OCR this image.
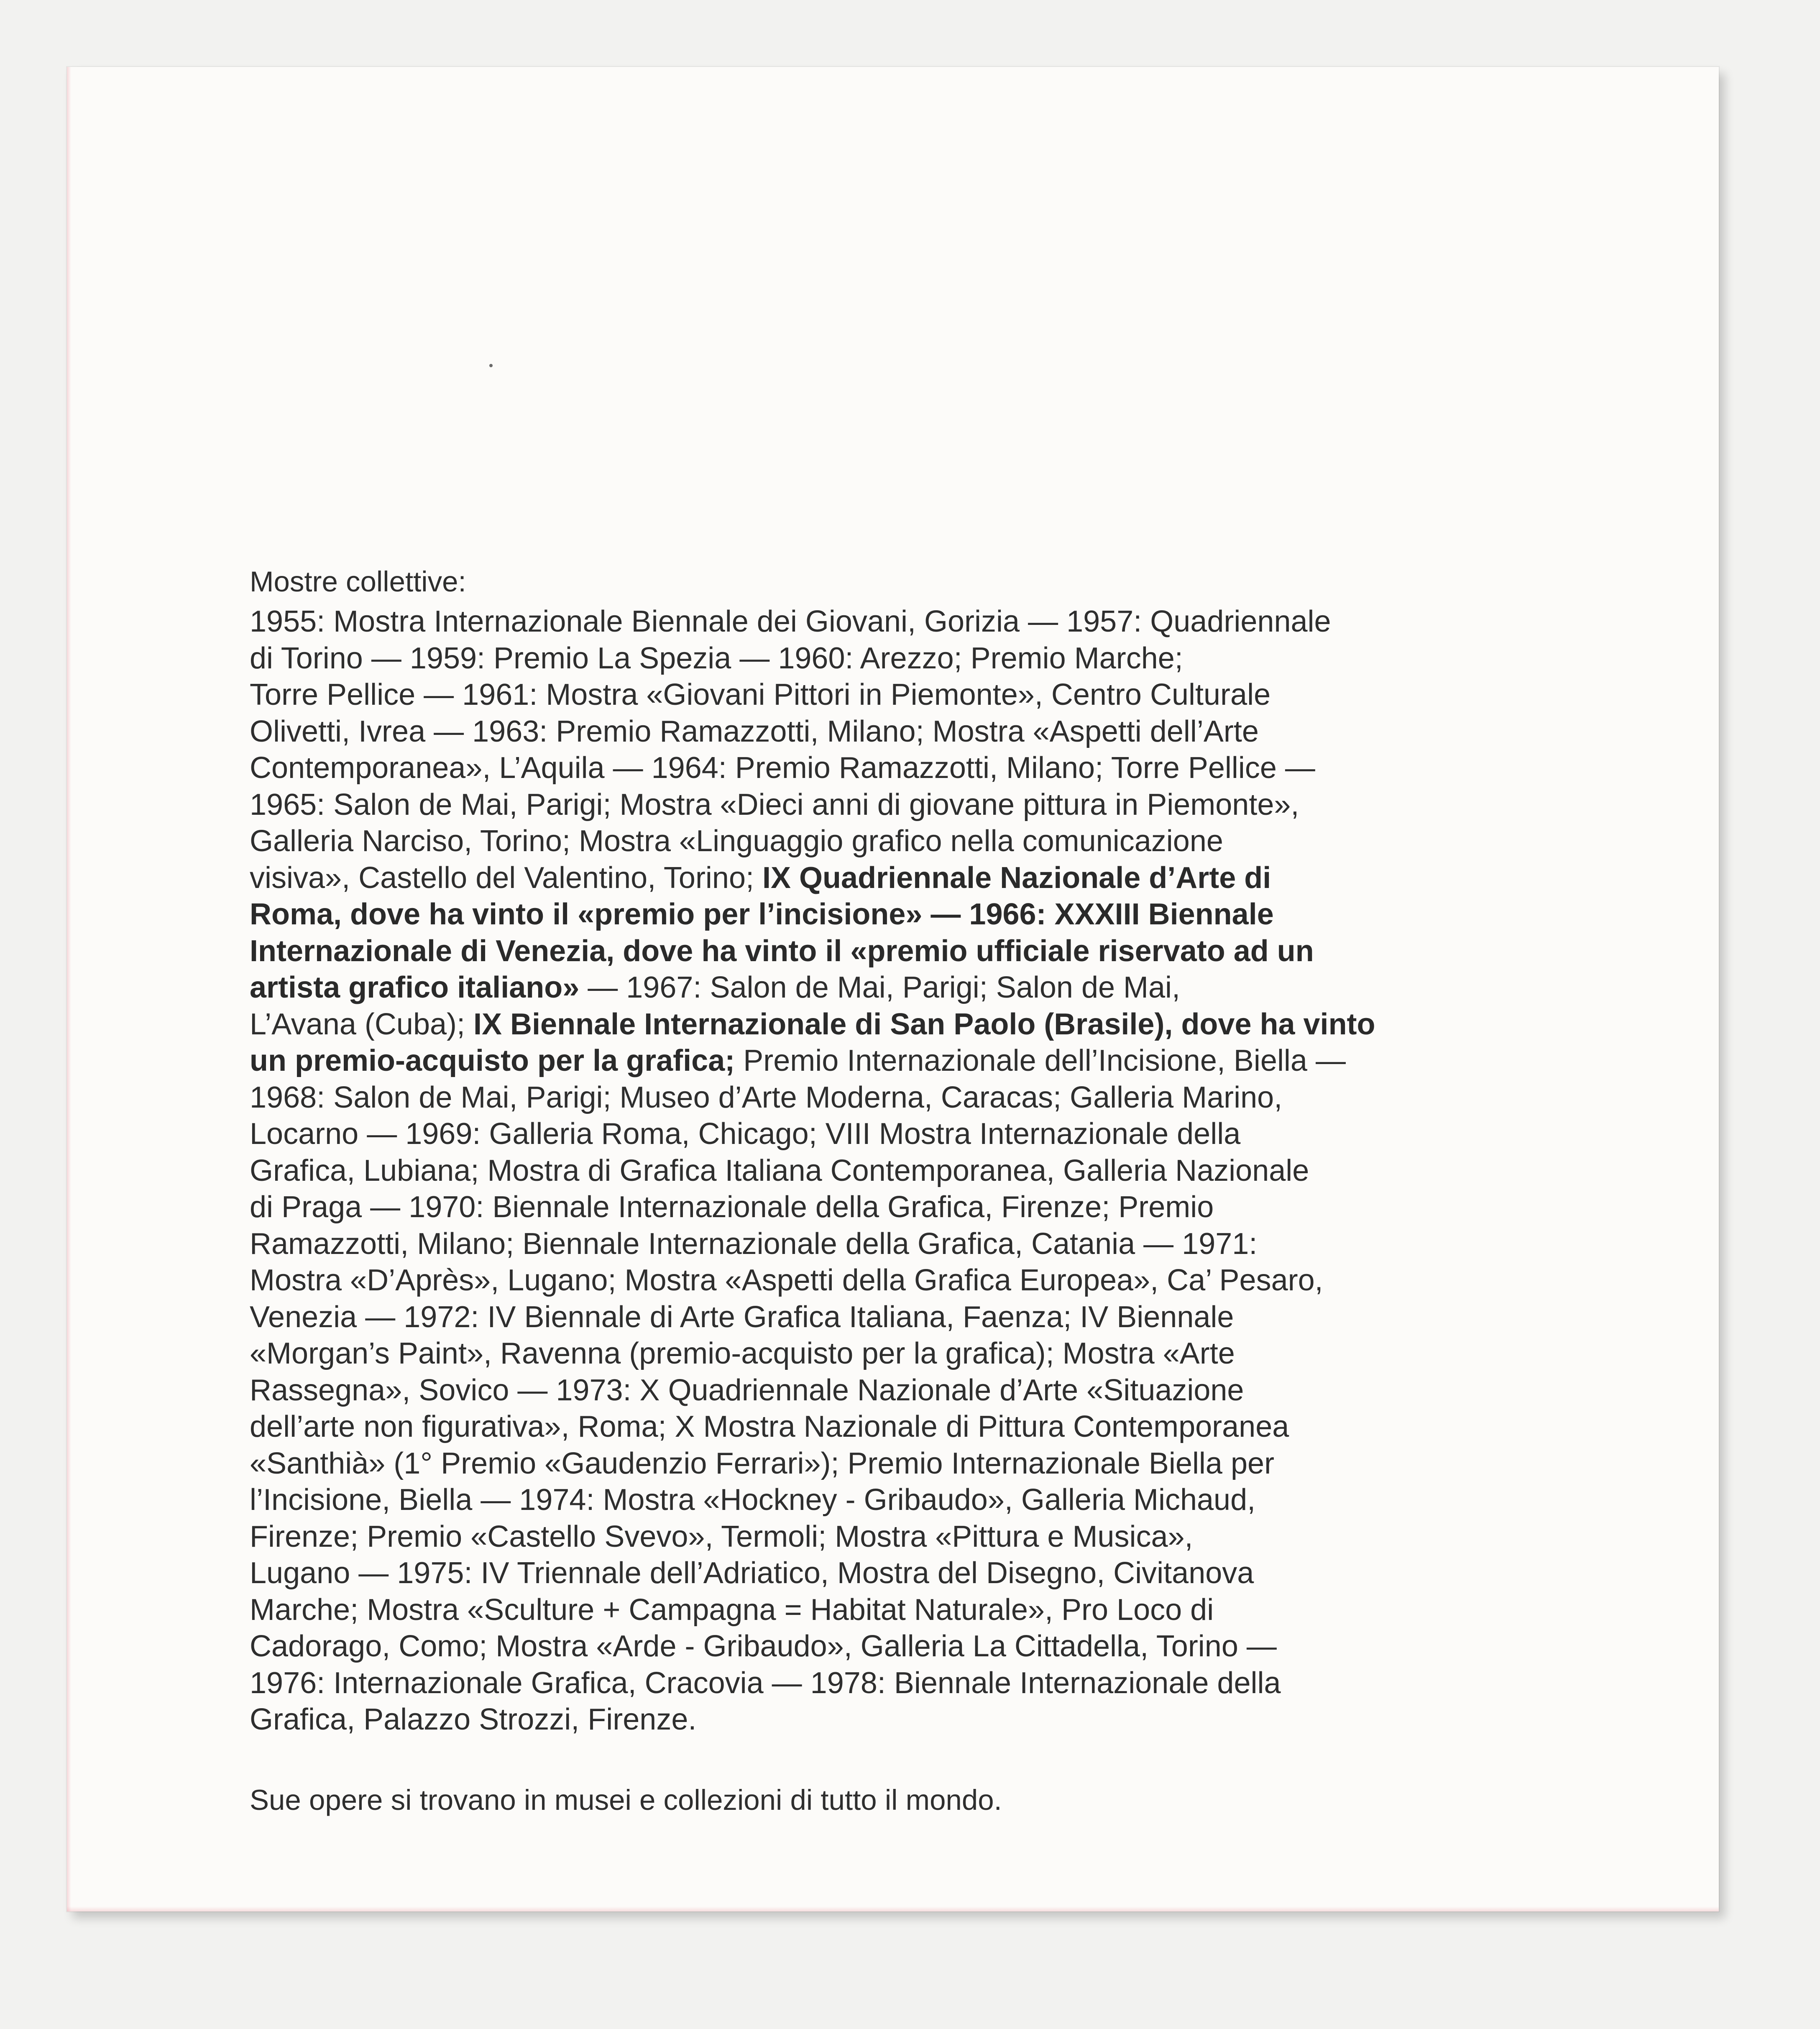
Mostre collettive:
1955: Mostra Internazionale Biennale dei Giovani, Gorizia — 1957: Quadriennale
di Torino — 1959: Premio La Spezia — 1960: Arezzo; Premio Marche;
Torre Pellice — 1961: Mostra «Giovani Pittori in Piemonte», Centro Culturale
Olivetti, Ivrea — 1963: Premio Ramazzotti, Milano; Mostra «Aspetti dell’Arte
Contemporanea», L’Aquila — 1964: Premio Ramazzotti, Milano; Torre Pellice —
1965: Salon de Mai, Parigi; Mostra «Dieci anni di giovane pittura in Piemonte»,
Galleria Narciso, Torino; Mostra «Linguaggio grafico nella comunicazione
visiva», Castello del Valentino, Torino; IX Quadriennale Nazionale d’Arte di
Roma, dove ha vinto il «premio per l’incisione» — 1966: XXXIII Biennale
Internazionale di Venezia, dove ha vinto il «premio ufficiale riservato ad un
artista grafico italiano» — 1967: Salon de Mai, Parigi; Salon de Mai,
L’Avana (Cuba); IX Biennale Internazionale di San Paolo (Brasile), dove ha vinto
un premio-acquisto per la grafica; Premio Internazionale dell’Incisione, Biella —
1968: Salon de Mai, Parigi; Museo d’Arte Moderna, Caracas; Galleria Marino,
Locarno — 1969: Galleria Roma, Chicago; VIII Mostra Internazionale della
Grafica, Lubiana; Mostra di Grafica Italiana Contemporanea, Galleria Nazionale
di Praga — 1970: Biennale Internazionale della Grafica, Firenze; Premio
Ramazzotti, Milano; Biennale Internazionale della Grafica, Catania — 1971:
Mostra «D’Après», Lugano; Mostra «Aspetti della Grafica Europea», Ca’ Pesaro,
Venezia — 1972: IV Biennale di Arte Grafica Italiana, Faenza; IV Biennale
«Morgan’s Paint», Ravenna (premio-acquisto per la grafica); Mostra «Arte
Rassegna», Sovico — 1973: X Quadriennale Nazionale d’Arte «Situazione
dell’arte non figurativa», Roma; X Mostra Nazionale di Pittura Contemporanea
«Santhià» (1° Premio «Gaudenzio Ferrari»); Premio Internazionale Biella per
l’Incisione, Biella — 1974: Mostra «Hockney - Gribaudo», Galleria Michaud,
Firenze; Premio «Castello Svevo», Termoli; Mostra «Pittura e Musica»,
Lugano — 1975: IV Triennale dell’Adriatico, Mostra del Disegno, Civitanova
Marche; Mostra «Sculture + Campagna = Habitat Naturale», Pro Loco di
Cadorago, Como; Mostra «Arde - Gribaudo», Galleria La Cittadella, Torino —
1976: Internazionale Grafica, Cracovia — 1978: Biennale Internazionale della
Grafica, Palazzo Strozzi, Firenze.
Sue opere si trovano in musei e collezioni di tutto il mondo.
